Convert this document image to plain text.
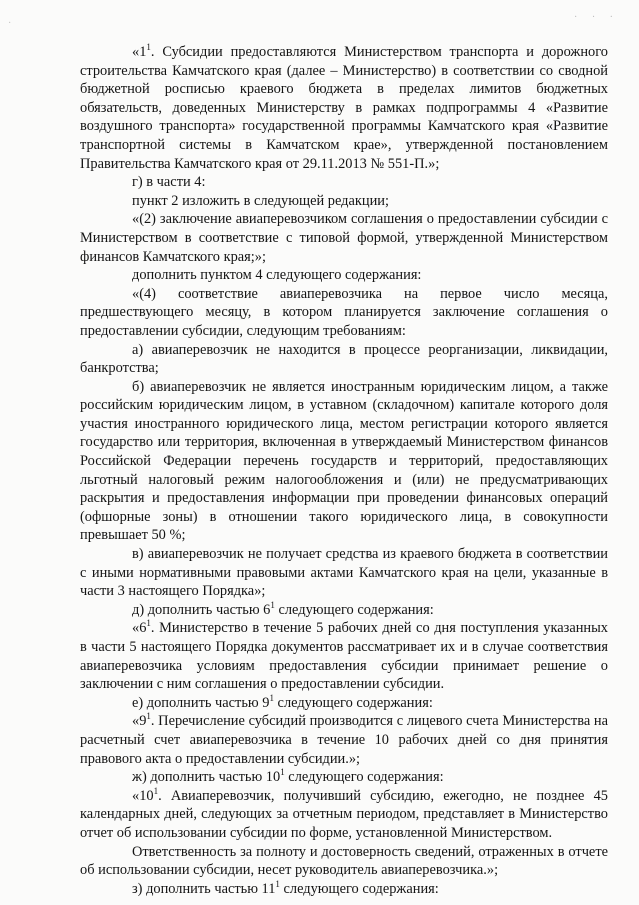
·
· · ·

«$1^1$. Субсидии предоставляются Министерством транспорта и дорожного строительства Камчатского края (далее – Министерство) в соответствии со сводной бюджетной росписью краевого бюджета в пределах лимитов бюджетных обязательств, доведенных Министерству в рамках подпрограммы 4 «Развитие воздушного транспорта» государственной программы Камчатского края «Развитие транспортной системы в Камчатском крае», утвержденной постановлением Правительства Камчатского края от 29.11.2013 № 551-П.»;

г) в части 4:

пункт 2 изложить в следующей редакции;

«(2) заключение авиаперевозчиком соглашения о предоставлении субсидии с Министерством в соответствие с типовой формой, утвержденной Министерством финансов Камчатского края;»;

дополнить пунктом 4 следующего содержания:

«(4) соответствие авиаперевозчика на первое число месяца, предшествующего месяцу, в котором планируется заключение соглашения о предоставлении субсидии, следующим требованиям:

а) авиаперевозчик не находится в процессе реорганизации, ликвидации, банкротства;

б) авиаперевозчик не является иностранным юридическим лицом, а также российским юридическим лицом, в уставном (складочном) капитале которого доля участия иностранного юридического лица, местом регистрации которого является государство или территория, включенная в утверждаемый Министерством финансов Российской Федерации перечень государств и территорий, предоставляющих льготный налоговый режим налогообложения и (или) не предусматривающих раскрытия и предоставления информации при проведении финансовых операций (офшорные зоны) в отношении такого юридического лица, в совокупности превышает 50 %;

в) авиаперевозчик не получает средства из краевого бюджета в соответствии с иными нормативными правовыми актами Камчатского края на цели, указанные в части 3 настоящего Порядка»;

д) дополнить частью $6^1$ следующего содержания:

«$6^1$. Министерство в течение 5 рабочих дней со дня поступления указанных в части 5 настоящего Порядка документов рассматривает их и в случае соответствия авиаперевозчика условиям предоставления субсидии принимает решение о заключении с ним соглашения о предоставлении субсидии.

е) дополнить частью $9^1$ следующего содержания:

«$9^1$. Перечисление субсидий производится с лицевого счета Министерства на расчетный счет авиаперевозчика в течение 10 рабочих дней со дня принятия правового акта о предоставлении субсидии.»;

ж) дополнить частью $10^1$ следующего содержания:

«$10^1$. Авиаперевозчик, получивший субсидию, ежегодно, не позднее 45 календарных дней, следующих за отчетным периодом, представляет в Министерство отчет об использовании субсидии по форме, установленной Министерством.

Ответственность за полноту и достоверность сведений, отраженных в отчете об использовании субсидии, несет руководитель авиаперевозчика.»;

з) дополнить частью $11^1$ следующего содержания:
